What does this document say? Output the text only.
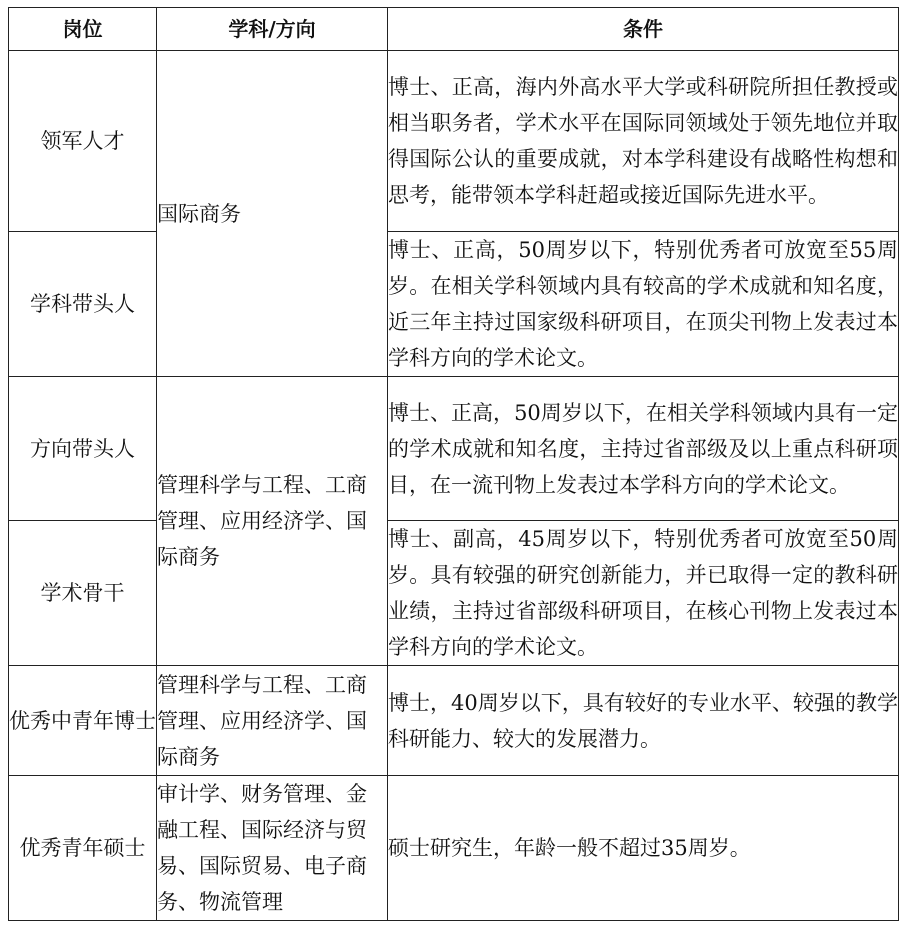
岗位	学科/方向	条件
领军人才	国际商务	博士、正高，海内外高水平大学或科研院所担任教授或相当职务者，学术水平在国际同领域处于领先地位并取得国际公认的重要成就，对本学科建设有战略性构想和思考，能带领本学科赶超或接近国际先进水平。
学科带头人		博士、正高，50周岁以下，特别优秀者可放宽至55周岁。在相关学科领域内具有较高的学术成就和知名度，近三年主持过国家级科研项目，在顶尖刊物上发表过本学科方向的学术论文。
方向带头人	管理科学与工程、工商管理、应用经济学、国际商务	博士、正高，50周岁以下，在相关学科领域内具有一定的学术成就和知名度，主持过省部级及以上重点科研项目，在一流刊物上发表过本学科方向的学术论文。
学术骨干		博士、副高，45周岁以下，特别优秀者可放宽至50周岁。具有较强的研究创新能力，并已取得一定的教科研业绩，主持过省部级科研项目，在核心刊物上发表过本学科方向的学术论文。
优秀中青年博士	管理科学与工程、工商管理、应用经济学、国际商务	博士，40周岁以下，具有较好的专业水平、较强的教学科研能力、较大的发展潜力。
优秀青年硕士	审计学、财务管理、金融工程、国际经济与贸易、国际贸易、电子商务、物流管理	硕士研究生，年龄一般不超过35周岁。
